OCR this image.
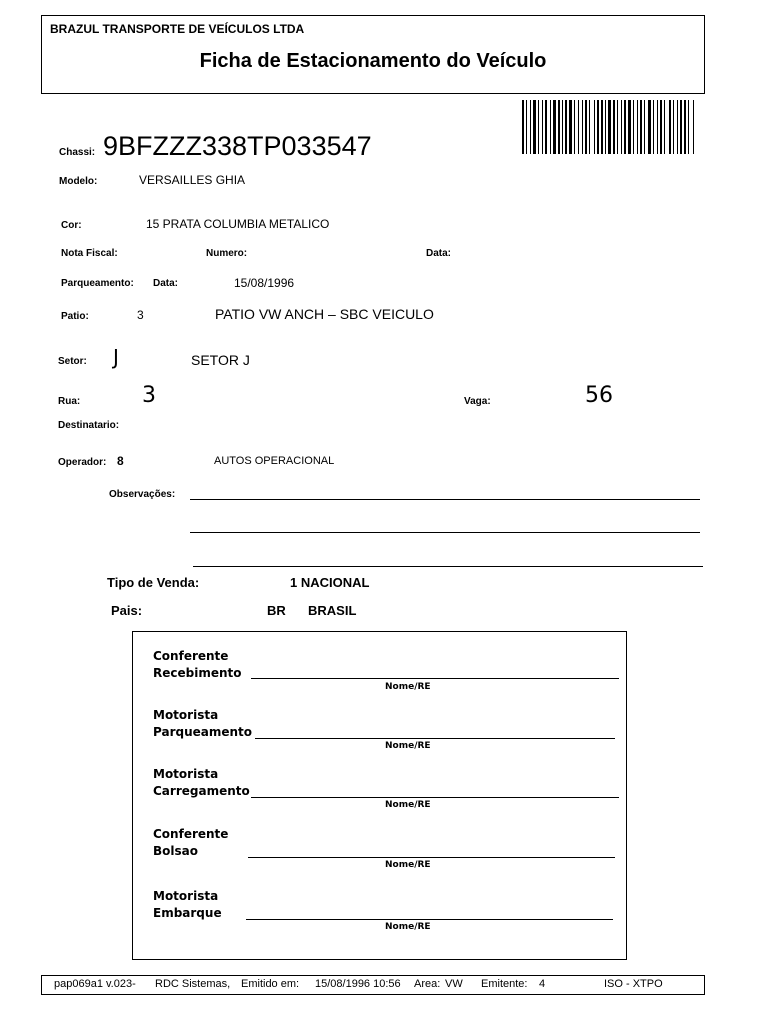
BRAZUL TRANSPORTE DE VEÍCULOS LTDA
Ficha de Estacionamento do Veículo
Chassi: 9BFZZZ338TP033547
Modelo:	VERSAILLES GHIA
Cor:	15 PRATA COLUMBIA METALICO
Nota Fiscal:	Numero:	Data:
Parqueamento: Data:	15/08/1996
Patio:	3	PATIO VW ANCH – SBC VEICULO
Setor: J	SETOR J
Rua:	3	Vaga:	56
Destinatario:
Operador: 8	AUTOS OPERACIONAL
Observações:
Tipo de Venda:	1 NACIONAL
Pais:	BR BRASIL
Conferente
Recebimento
Nome/RE
Motorista
Parqueamento
Nome/RE
Motorista
Carregamento
Nome/RE
Conferente
Bolsao
Nome/RE
Motorista
Embarque
Nome/RE
pap069a1 v.023- RDC Sistemas, Emitido em: 15/08/1996 10:56 Area: VW Emitente: 4	ISO - XTPO
